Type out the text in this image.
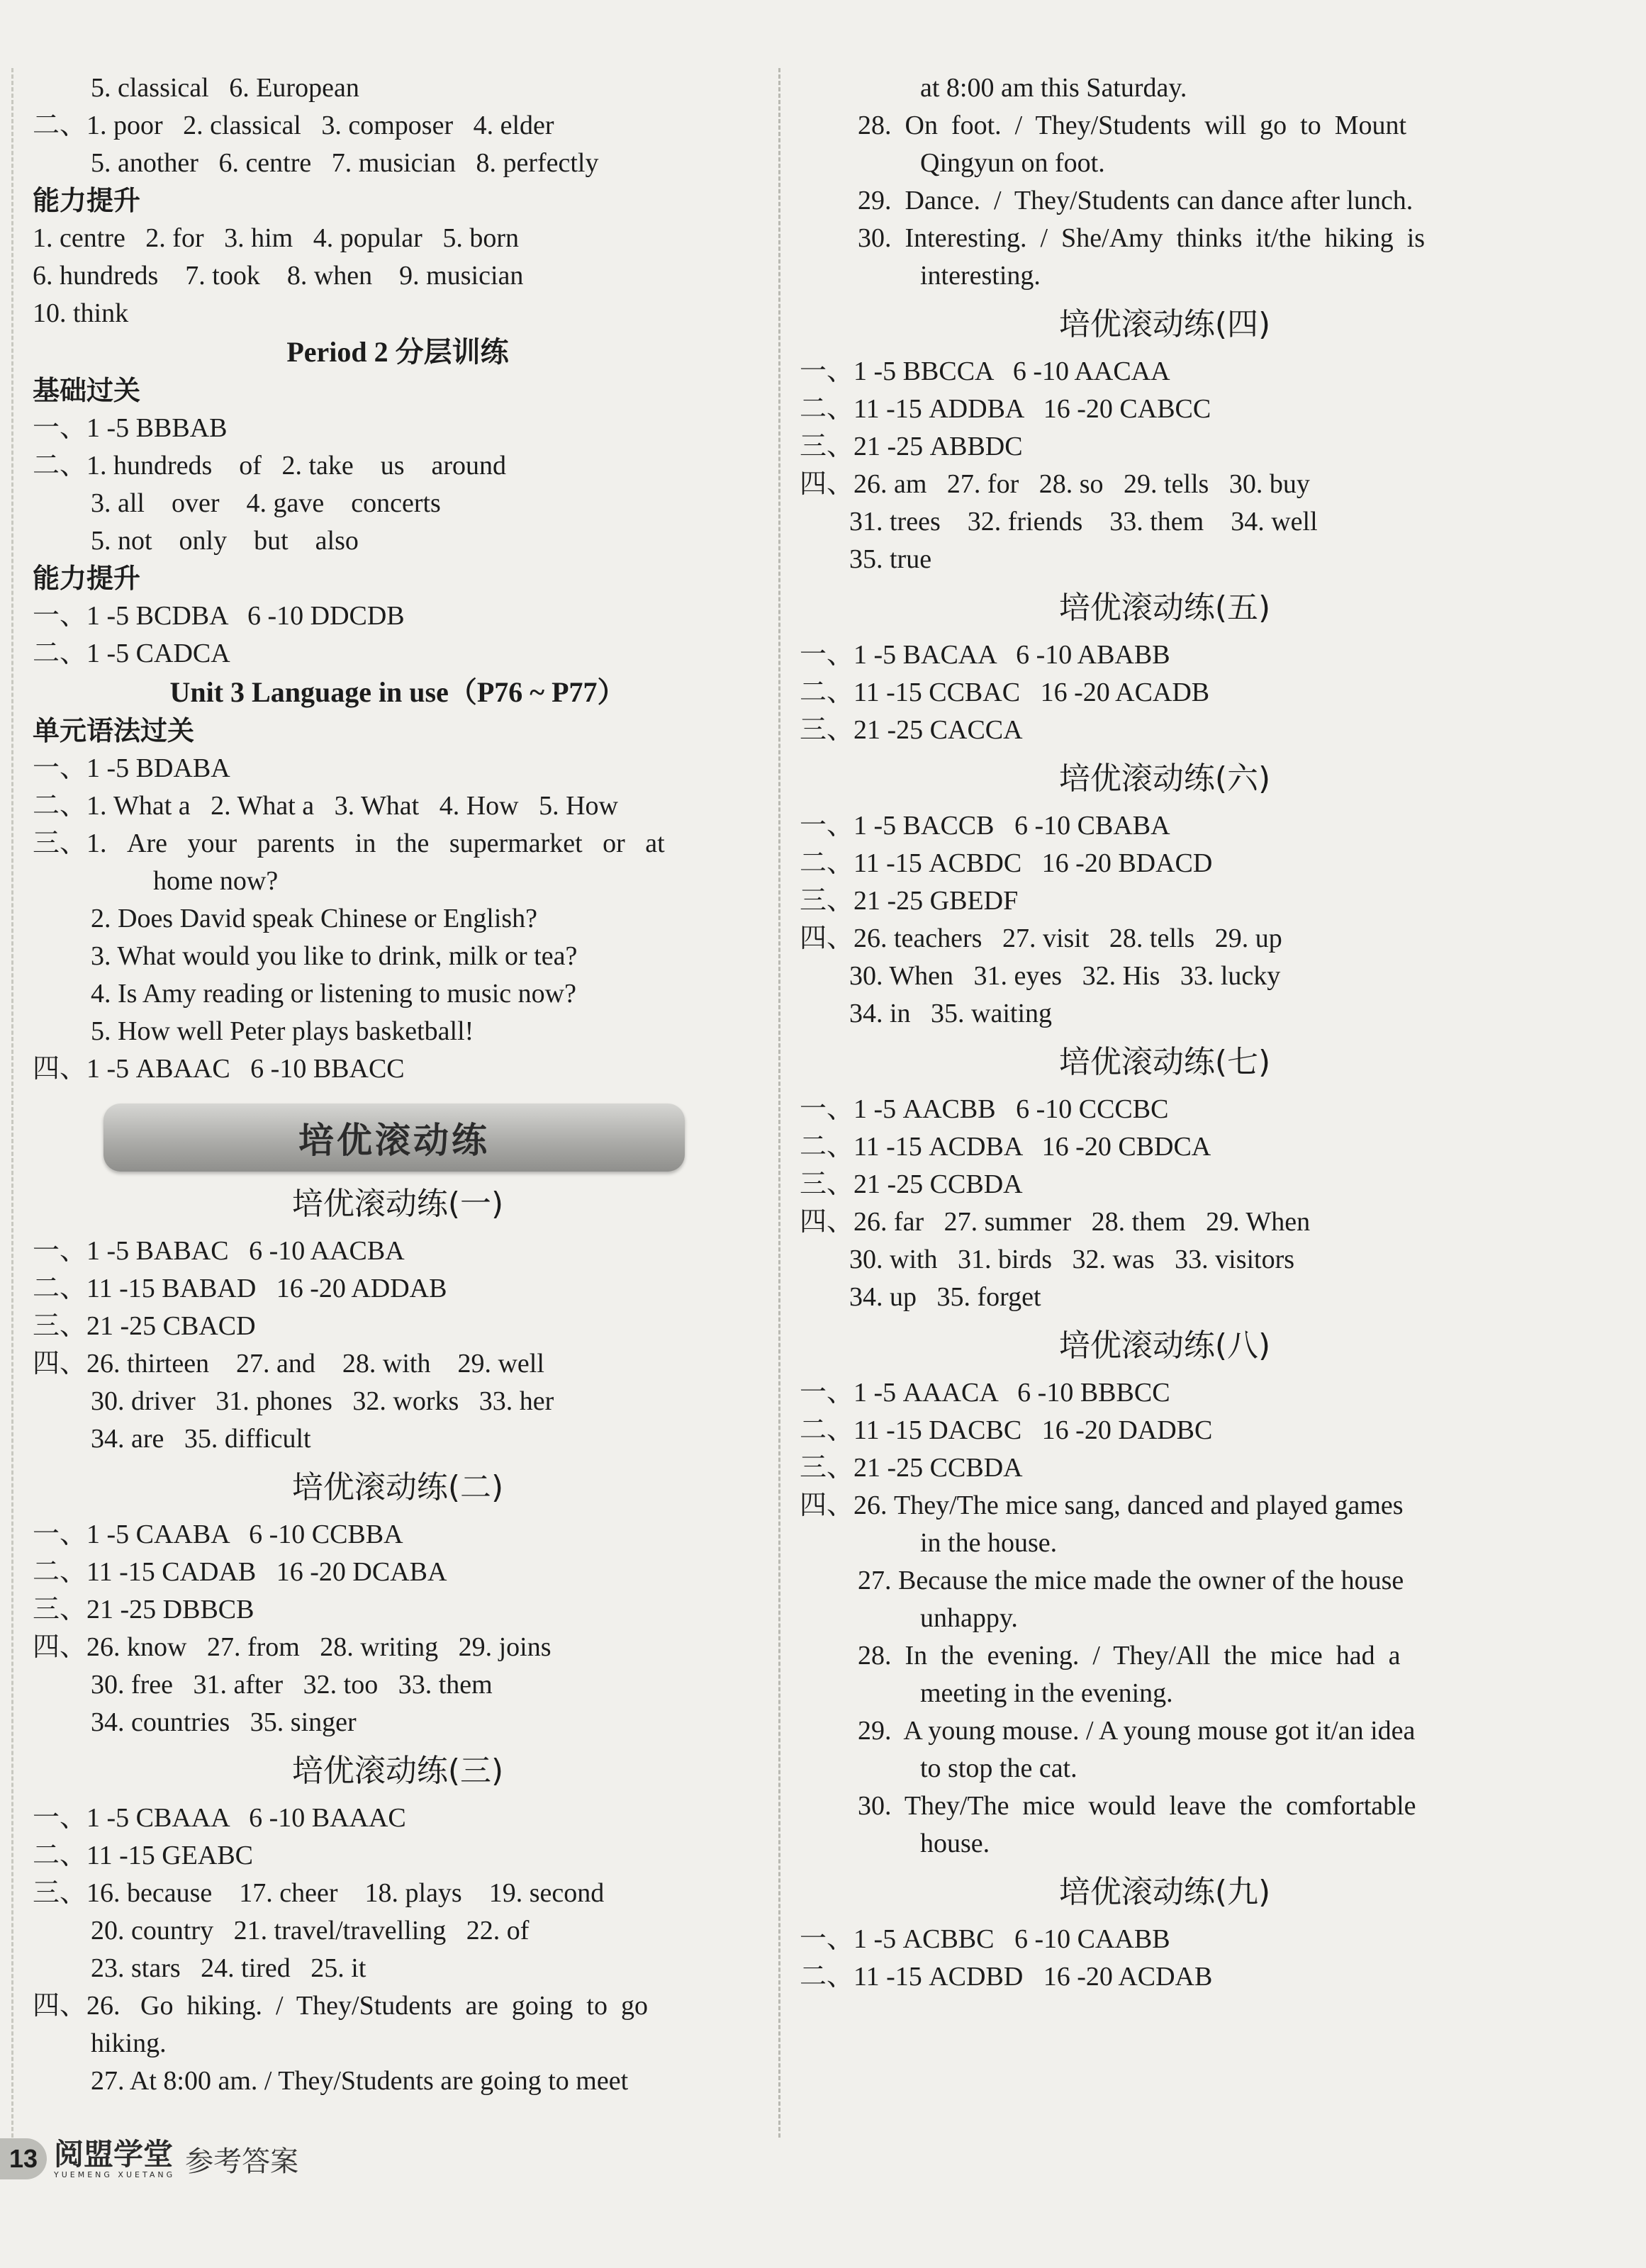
5. classical   6. European
二、1. poor   2. classical   3. composer   4. elder
5. another   6. centre   7. musician   8. perfectly
能力提升
1. centre   2. for   3. him   4. popular   5. born
6. hundreds    7. took    8. when    9. musician
10. think
Period 2 分层训练
基础过关
一、1 -5 BBBAB
二、1. hundreds    of   2. take    us    around
3. all    over    4. gave    concerts
5. not    only    but    also
能力提升
一、1 -5 BCDBA   6 -10 DDCDB
二、1 -5 CADCA
Unit 3 Language in use（P76 ~ P77）
单元语法过关
一、1 -5 BDABA
二、1. What a   2. What a   3. What   4. How   5. How
三、1.   Are   your   parents   in   the   supermarket   or   at
home now?
2. Does David speak Chinese or English?
3. What would you like to drink, milk or tea?
4. Is Amy reading or listening to music now?
5. How well Peter plays basketball!
四、1 -5 ABAAC   6 -10 BBACC
培优滚动练
培优滚动练(一)
一、1 -5 BABAC   6 -10 AACBA
二、11 -15 BABAD   16 -20 ADDAB
三、21 -25 CBACD
四、26. thirteen    27. and    28. with    29. well
30. driver   31. phones   32. works   33. her
34. are   35. difficult
培优滚动练(二)
一、1 -5 CAABA   6 -10 CCBBA
二、11 -15 CADAB   16 -20 DCABA
三、21 -25 DBBCB
四、26. know   27. from   28. writing   29. joins
30. free   31. after   32. too   33. them
34. countries   35. singer
培优滚动练(三)
一、1 -5 CBAAA   6 -10 BAAAC
二、11 -15 GEABC
三、16. because    17. cheer    18. plays    19. second
20. country   21. travel/travelling   22. of
23. stars   24. tired   25. it
四、26.   Go  hiking.  /  They/Students  are  going  to  go
hiking.
27. At 8:00 am. / They/Students are going to meet
at 8:00 am this Saturday.
28.  On  foot.  /  They/Students  will  go  to  Mount
Qingyun on foot.
29.  Dance.  /  They/Students can dance after lunch.
30.  Interesting.  /  She/Amy  thinks  it/the  hiking  is
interesting.
培优滚动练(四)
一、1 -5 BBCCA   6 -10 AACAA
二、11 -15 ADDBA   16 -20 CABCC
三、21 -25 ABBDC
四、26. am   27. for   28. so   29. tells   30. buy
31. trees    32. friends    33. them    34. well
35. true
培优滚动练(五)
一、1 -5 BACAA   6 -10 ABABB
二、11 -15 CCBAC   16 -20 ACADB
三、21 -25 CACCA
培优滚动练(六)
一、1 -5 BACCB   6 -10 CBABA
二、11 -15 ACBDC   16 -20 BDACD
三、21 -25 GBEDF
四、26. teachers   27. visit   28. tells   29. up
30. When   31. eyes   32. His   33. lucky
34. in   35. waiting
培优滚动练(七)
一、1 -5 AACBB   6 -10 CCCBC
二、11 -15 ACDBA   16 -20 CBDCA
三、21 -25 CCBDA
四、26. far   27. summer   28. them   29. When
30. with   31. birds   32. was   33. visitors
34. up   35. forget
培优滚动练(八)
一、1 -5 AAACA   6 -10 BBBCC
二、11 -15 DACBC   16 -20 DADBC
三、21 -25 CCBDA
四、26. They/The mice sang, danced and played games
in the house.
27. Because the mice made the owner of the house
unhappy.
28.  In  the  evening.  /  They/All  the  mice  had  a
meeting in the evening.
29.  A young mouse. / A young mouse got it/an idea
to stop the cat.
30.  They/The  mice  would  leave  the  comfortable
house.
培优滚动练(九)
一、1 -5 ACBBC   6 -10 CAABB
二、11 -15 ACDBD   16 -20 ACDAB
13 阅盟学堂
YUEMENG XUETANG 参考答案
